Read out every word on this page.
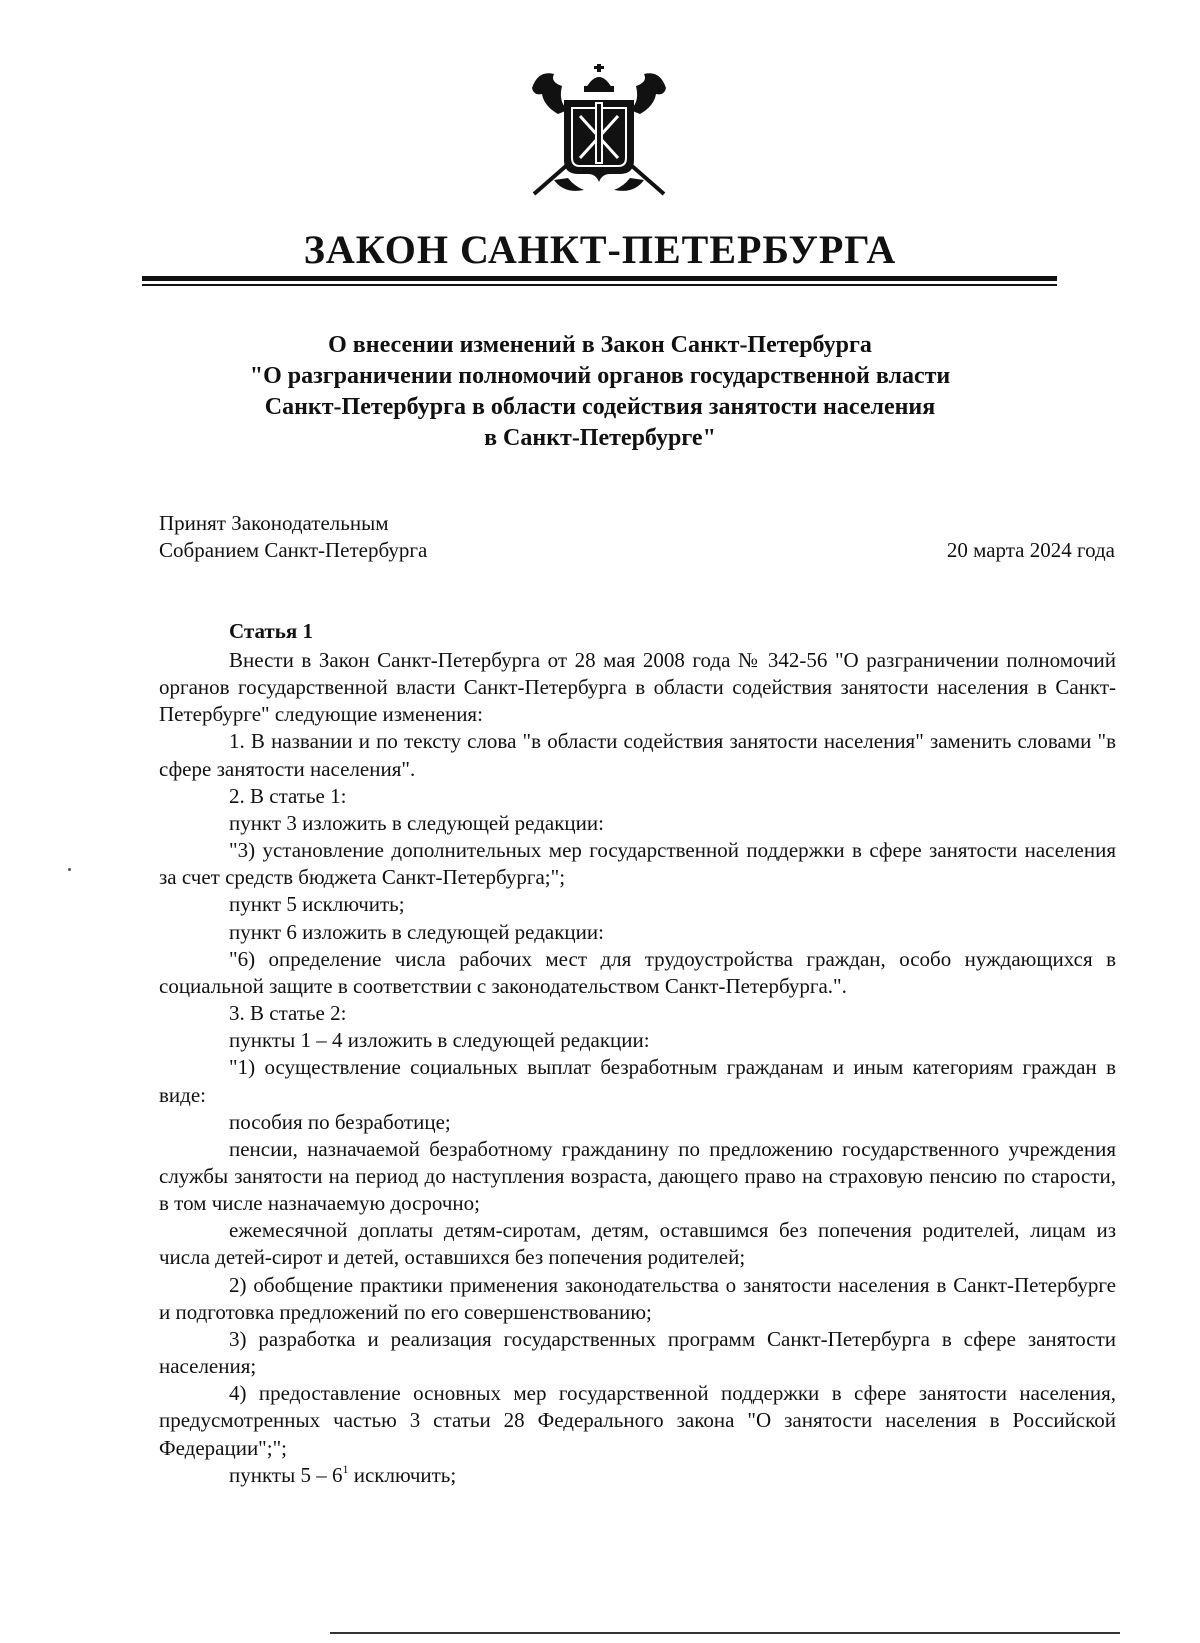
ЗАКОН САНКТ-ПЕТЕРБУРГА
О внесении изменений в Закон Санкт-Петербурга
"О разграничении полномочий органов государственной власти
Санкт-Петербурга в области содействия занятости населения
в Санкт-Петербурге"
Принят Законодательным
Собранием Санкт-Петербурга	20 марта 2024 года
Статья 1

Внести в Закон Санкт-Петербурга от 28 мая 2008 года № 342-56 "О разграничении полномочий органов государственной власти Санкт-Петербурга в области содействия занятости населения в Санкт-Петербурге" следующие изменения:

1. В названии и по тексту слова "в области содействия занятости населения" заменить словами "в сфере занятости населения".

2. В статье 1:

пункт 3 изложить в следующей редакции:

"3) установление дополнительных мер государственной поддержки в сфере занятости населения за счет средств бюджета Санкт-Петербурга;";

пункт 5 исключить;

пункт 6 изложить в следующей редакции:

"6) определение числа рабочих мест для трудоустройства граждан, особо нуждающихся в социальной защите в соответствии с законодательством Санкт-Петербурга.".

3. В статье 2:

пункты 1 – 4 изложить в следующей редакции:

"1) осуществление социальных выплат безработным гражданам и иным категориям граждан в виде:

пособия по безработице;

пенсии, назначаемой безработному гражданину по предложению государственного учреждения службы занятости на период до наступления возраста, дающего право на страховую пенсию по старости, в том числе назначаемую досрочно;

ежемесячной доплаты детям-сиротам, детям, оставшимся без попечения родителей, лицам из числа детей-сирот и детей, оставшихся без попечения родителей;

2) обобщение практики применения законодательства о занятости населения в Санкт-Петербурге и подготовка предложений по его совершенствованию;

3) разработка и реализация государственных программ Санкт-Петербурга в сфере занятости населения;

4) предоставление основных мер государственной поддержки в сфере занятости населения, предусмотренных частью 3 статьи 28 Федерального закона "О занятости населения в Российской Федерации";";

пункты $5 - 6^1$ исключить;
